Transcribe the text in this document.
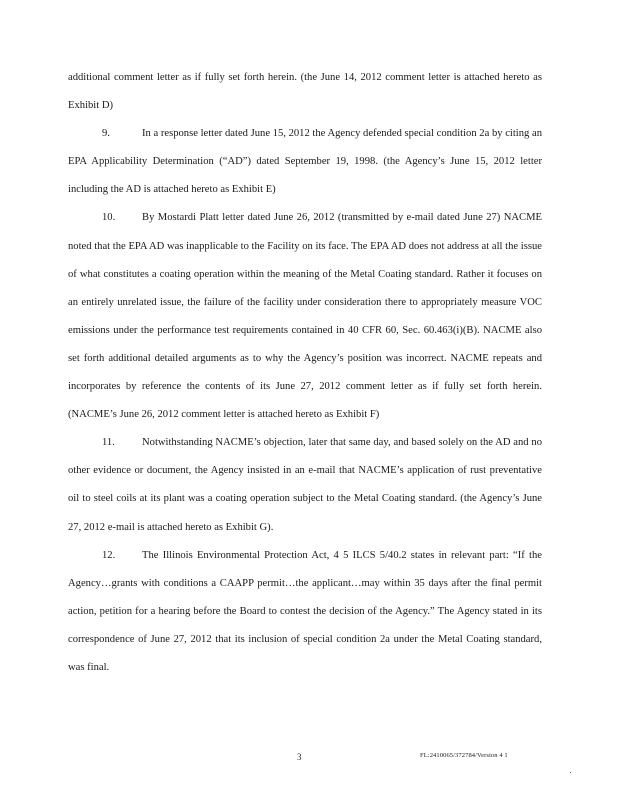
additional comment letter as if fully set forth herein. (the June 14, 2012 comment letter is attached hereto as Exhibit D)

9.	In a response letter dated June 15, 2012 the Agency defended special condition 2a by citing an EPA Applicability Determination (“AD”) dated September 19, 1998. (the Agency’s June 15, 2012 letter including the AD is attached hereto as Exhibit E)

10.	By Mostardi Platt letter dated June 26, 2012 (transmitted by e-mail dated June 27) NACME noted that the EPA AD was inapplicable to the Facility on its face. The EPA AD does not address at all the issue of what constitutes a coating operation within the meaning of the Metal Coating standard. Rather it focuses on an entirely unrelated issue, the failure of the facility under consideration there to appropriately measure VOC emissions under the performance test requirements contained in 40 CFR 60, Sec. 60.463(i)(B). NACME also set forth additional detailed arguments as to why the Agency’s position was incorrect. NACME repeats and incorporates by reference the contents of its June 27, 2012 comment letter as if fully set forth herein. (NACME’s June 26, 2012 comment letter is attached hereto as Exhibit F)

11.	Notwithstanding NACME’s objection, later that same day, and based solely on the AD and no other evidence or document, the Agency insisted in an e-mail that NACME’s application of rust preventative oil to steel coils at its plant was a coating operation subject to the Metal Coating standard. (the Agency’s June 27, 2012 e-mail is attached hereto as Exhibit G).

12.	The Illinois Environmental Protection Act, 4 5 ILCS 5/40.2 states in relevant part: “If the Agency…grants with conditions a CAAPP permit…the applicant…may within 35 days after the final permit action, petition for a hearing before the Board to contest the decision of the Agency.” The Agency stated in its correspondence of June 27, 2012 that its inclusion of special condition 2a under the Metal Coating standard, was final.

3	FL:2410065/372784/Version 4 1
